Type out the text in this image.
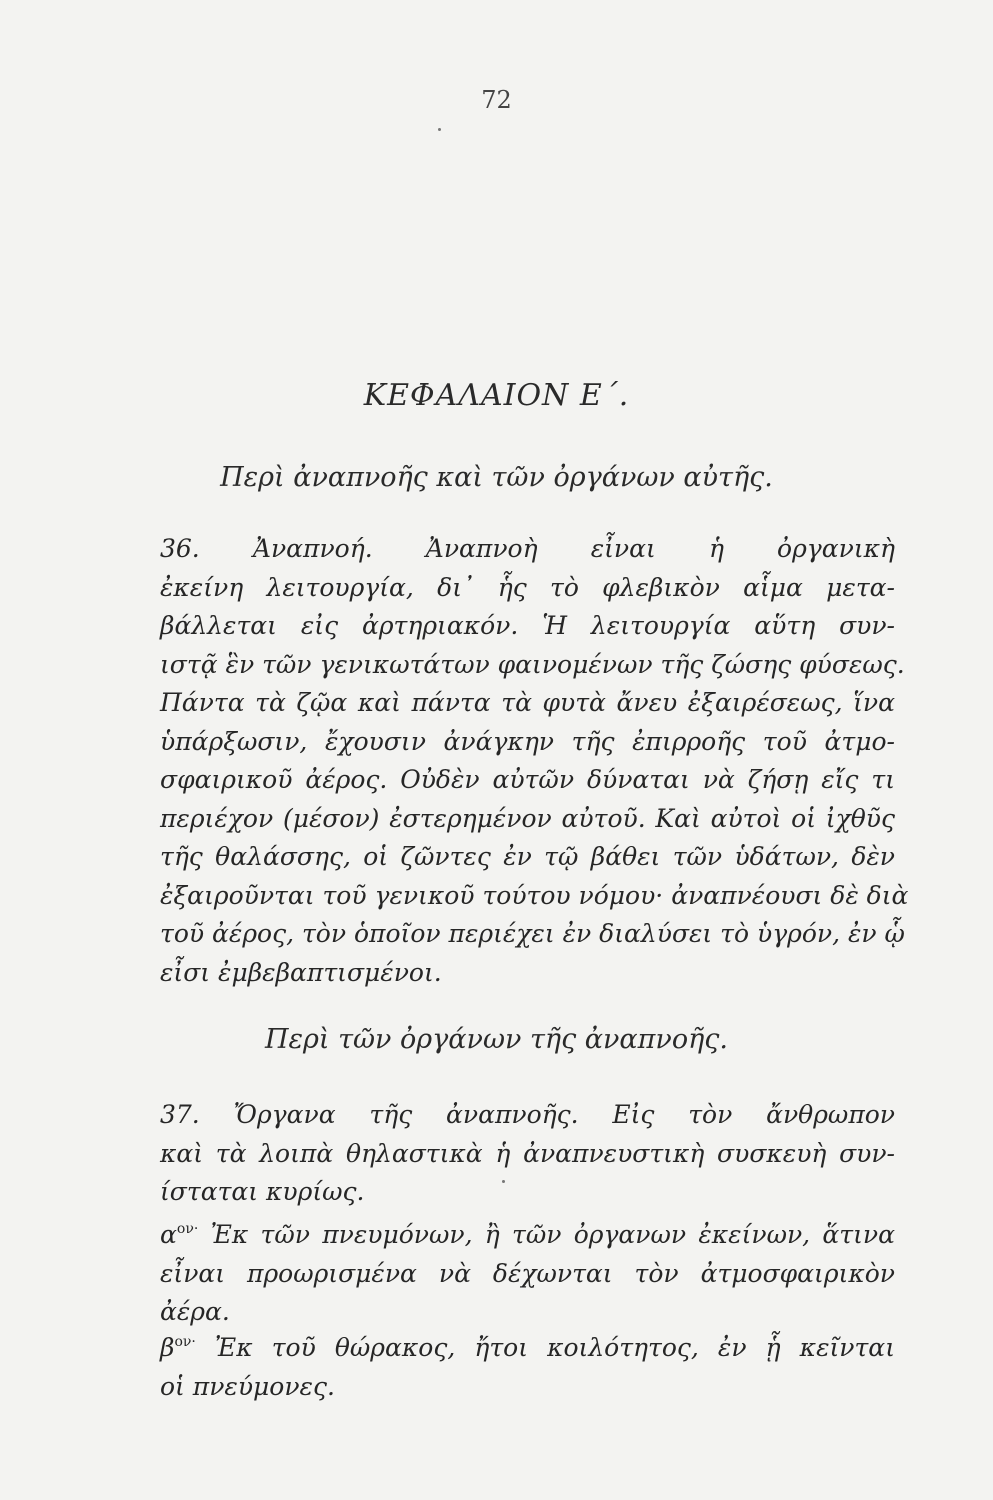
72
ΚΕΦΑΛΑΙΟΝ Ε΄.
Περὶ ἀναπνοῆς καὶ τῶν ὀργάνων αὐτῆς.
36. Ἀναπνοή. Ἀναπνοὴ εἶναι ἡ ὀργανικὴ
ἐκείνη λειτουργία, δι᾽ ἧς τὸ φλεβικὸν αἷμα μετα-
βάλλεται εἰς ἀρτηριακόν. Ἡ λειτουργία αὕτη συν-
ιστᾷ ἓν τῶν γενικωτάτων φαινομένων τῆς ζώσης φύσεως.
Πάντα τὰ ζῷα καὶ πάντα τὰ φυτὰ ἄνευ ἐξαιρέσεως, ἵνα
ὑπάρξωσιν, ἔχουσιν ἀνάγκην τῆς ἐπιρροῆς τοῦ ἀτμο-
σφαιρικοῦ ἀέρος. Οὐδὲν αὐτῶν δύναται νὰ ζήσῃ εἴς τι
περιέχον (μέσον) ἐστερημένον αὐτοῦ. Καὶ αὐτοὶ οἱ ἰχθῦς
τῆς θαλάσσης, οἱ ζῶντες ἐν τῷ βάθει τῶν ὑδάτων, δὲν
ἐξαιροῦνται τοῦ γενικοῦ τούτου νόμου· ἀναπνέουσι δὲ διὰ
τοῦ ἀέρος, τὸν ὁποῖον περιέχει ἐν διαλύσει τὸ ὑγρόν, ἐν ᾧ
εἶσι ἐμβεβαπτισμένοι.
Περὶ τῶν ὀργάνων τῆς ἀναπνοῆς.
37. Ὄργανα τῆς ἀναπνοῆς. Εἰς τὸν ἄνθρωπον
καὶ τὰ λοιπὰ θηλαστικὰ ἡ ἀναπνευστικὴ συσκευὴ συν-
ίσταται κυρίως.
$\alpha^{o\nu\cdot}$ Ἐκ τῶν πνευμόνων, ἢ τῶν ὀργανων ἐκείνων, ἅτινα
εἶναι προωρισμένα νὰ δέχωνται τὸν ἀτμοσφαιρικὸν
ἀέρα.
$\beta^{o\nu\cdot}$ Ἐκ τοῦ θώρακος, ἤτοι κοιλότητος, ἐν ᾗ κεῖνται
οἱ πνεύμονες.
